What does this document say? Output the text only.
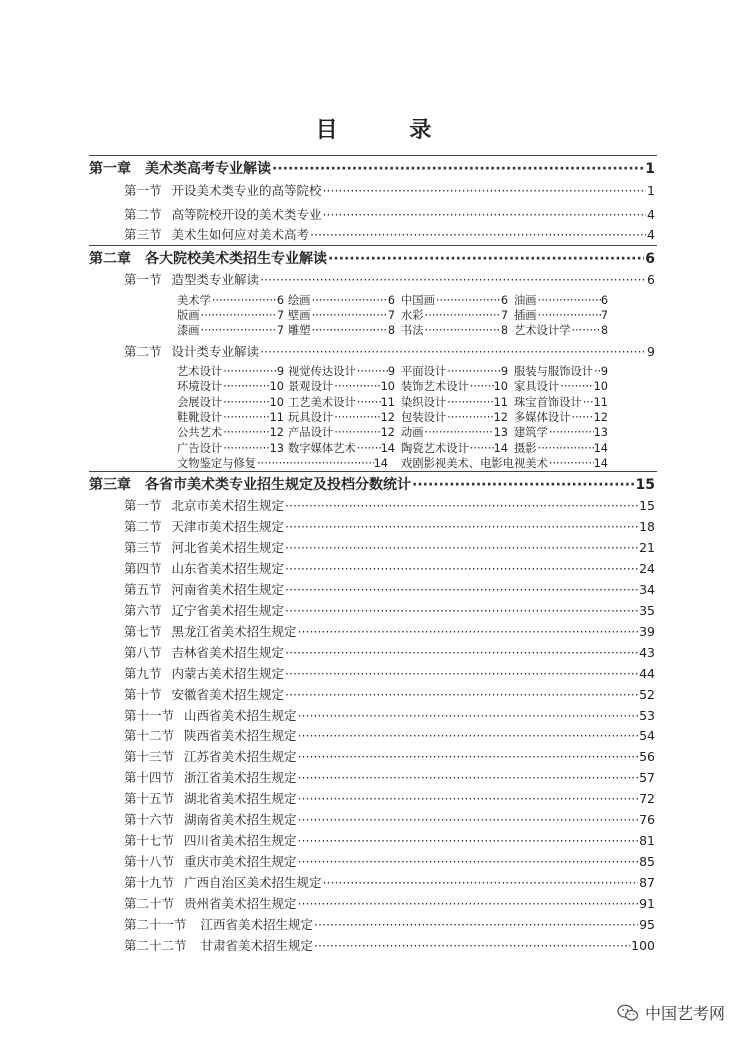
目 录
第一章 美术类高考专业解读 ·····	1
第一节 开设美术类专业的高等院校 ·····	1
第二节 高等院校开设的美术类专业 ·····	4
第三节 美术生如何应对美术高考 ·····	4
第二章 各大院校美术类招生专业解读 ·····	6
第一节 造型类专业解读 ·····	6
美术学 ·····	6 绘画 ·····	6 中国画 ·····	6 油画 ·····	6
版画 ·····	7 壁画 ·····	7 水彩 ·····	7 插画 ·····	7
漆画 ·····	7 雕塑 ·····	8 书法 ·····	8 艺术设计学 ·····	8
第二节 设计类专业解读 ·····	9
艺术设计 ·····	9 视觉传达设计 ·····	9 平面设计 ·····	9 服装与服饰设计 ····· 9
环境设计 ·····	10 景观设计 ·····	10 装饰艺术设计 ····· 10 家具设计 ·····	10
会展设计 ·····	10 工艺美术设计 ····· 11 染织设计 ·····	11 珠宝首饰设计 ····· 11
鞋靴设计 ·····	11 玩具设计 ·····	12 包装设计 ·····	12 多媒体设计 ····· 12
公共艺术 ·····	12 产品设计 ·····	12 动画 ·····	13 建筑学 ·····	13
广告设计 ·····	13 数字媒体艺术 ····· 14 陶瓷艺术设计 ····· 14 摄影 ·····	14
文物鉴定与修复 ·····	14 戏剧影视美术、电影电视美术 ·····	14
第三章 各省市美术类专业招生规定及投档分数统计 ·····	15
第一节 北京市美术招生规定 ·····	15
第二节 天津市美术招生规定 ·····	18
第三节 河北省美术招生规定 ·····	21
第四节 山东省美术招生规定 ·····	24
第五节 河南省美术招生规定 ·····	34
第六节 辽宁省美术招生规定 ·····	35
第七节 黑龙江省美术招生规定 ·····	39
第八节 吉林省美术招生规定 ·····	43
第九节 内蒙古美术招生规定 ·····	44
第十节 安徽省美术招生规定 ·····	52
第十一节 山西省美术招生规定 ·····	53
第十二节 陕西省美术招生规定 ·····	54
第十三节 江苏省美术招生规定 ·····	56
第十四节 浙江省美术招生规定 ·····	57
第十五节 湖北省美术招生规定 ·····	72
第十六节 湖南省美术招生规定 ·····	76
第十七节 四川省美术招生规定 ·····	81
第十八节 重庆市美术招生规定 ·····	85
第十九节 广西自治区美术招生规定 ·····	87
第二十节 贵州省美术招生规定 ·····	91
第二十一节 江西省美术招生规定 ·····	95
第二十二节 甘肃省美术招生规定 ·····	100
中国艺考网
